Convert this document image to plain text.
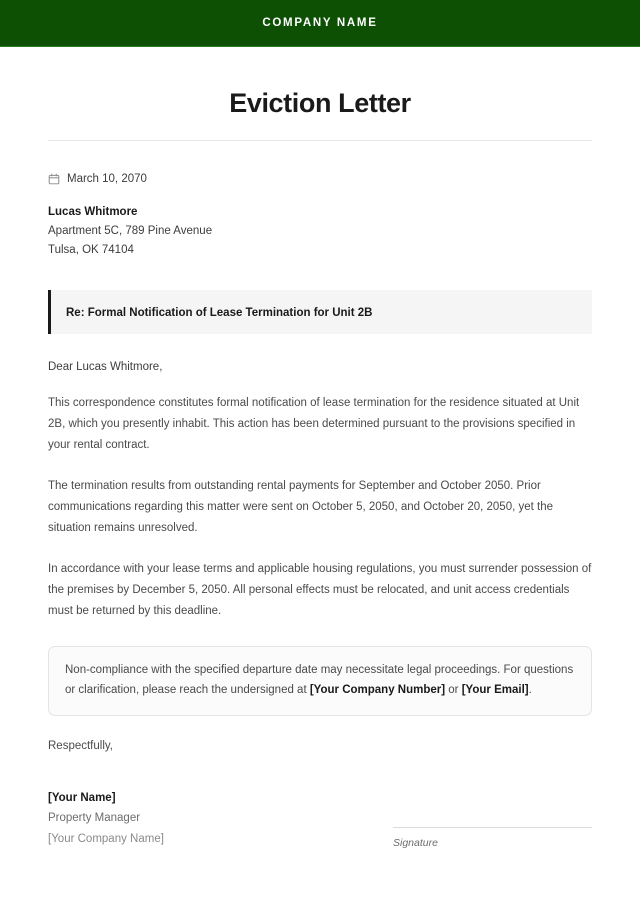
COMPANY NAME
Eviction Letter
March 10, 2070
Lucas Whitmore
Apartment 5C, 789 Pine Avenue
Tulsa, OK 74104
Re: Formal Notification of Lease Termination for Unit 2B

Dear Lucas Whitmore,

This correspondence constitutes formal notification of lease termination for the residence situated at Unit 2B, which you presently inhabit. This action has been determined pursuant to the provisions specified in your rental contract.

The termination results from outstanding rental payments for September and October 2050. Prior communications regarding this matter were sent on October 5, 2050, and October 20, 2050, yet the situation remains unresolved.

In accordance with your lease terms and applicable housing regulations, you must surrender possession of the premises by December 5, 2050. All personal effects must be relocated, and unit access credentials must be returned by this deadline.

Non-compliance with the specified departure date may necessitate legal proceedings. For questions or clarification, please reach the undersigned at [Your Company Number] or [Your Email].

Respectfully,

[Your Name]
Property Manager
[Your Company Name]	Signature
